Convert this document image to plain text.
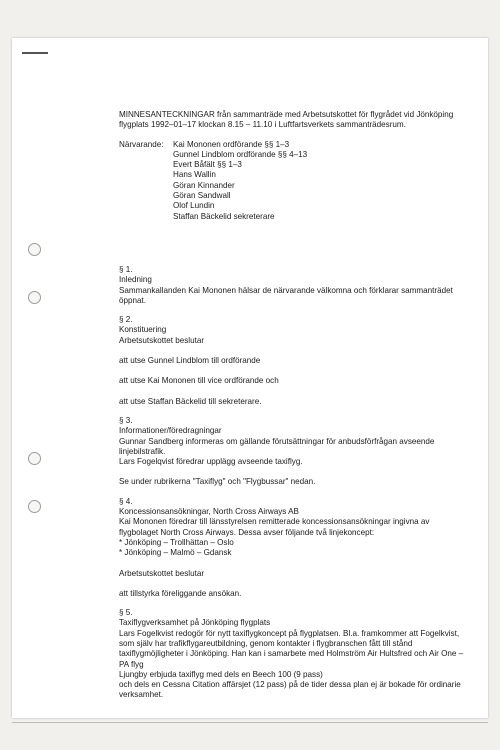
MINNESANTECKNINGAR från sammanträde med Arbetsutskottet för flygrådet vid Jönköping flygplats 1992–01–17 klockan 8.15 – 11.10 i Luftfartsverkets sammanträdesrum.

Närvarande:	Kai Mononen ordförande §§ 1–3
Gunnel Lindblom ordförande §§ 4–13
Evert Båfält §§ 1–3
Hans Wallin
Göran Kinnander
Göran Sandwall
Olof Lundin
Staffan Bäckelid sekreterare
§ 1.
Inledning

Sammankallanden Kai Mononen hälsar de närvarande välkomna och förklarar sammanträdet öppnat.

§ 2.
Konstituering

Arbetsutskottet beslutar

att utse Gunnel Lindblom till ordförande

att utse Kai Mononen till vice ordförande och

att utse Staffan Bäckelid till sekreterare.

§ 3.
Informationer/föredragningar

Gunnar Sandberg informeras om gällande förutsättningar för anbudsförfrågan avseende linjebilstrafik.

Lars Fogelqvist föredrar upplägg avseende taxiflyg.

Se under rubrikerna "Taxiflyg" och "Flygbussar" nedan.

§ 4.
Koncessionsansökningar, North Cross Airways AB

Kai Mononen föredrar till länsstyrelsen remitterade koncessionsansökningar ingivna av flygbolaget North Cross Airways. Dessa avser följande två linjekoncept:

* Jönköping – Trollhättan – Oslo
* Jönköping – Malmö – Gdansk

Arbetsutskottet beslutar

att tillstyrka föreliggande ansökan.

§ 5.
Taxiflygverksamhet på Jönköping flygplats

Lars Fogelkvist redogör för nytt taxiflygkoncept på flygplatsen. Bl.a. framkommer att Fogelkvist, som själv har trafikflygareutbildning, genom kontakter i flygbranschen fått till stånd taxiflygmöjligheter i Jönköping. Han kan i samarbete med Holmström Air Hultsfred och Air One – PA flyg

Ljungby erbjuda taxiflyg med dels en Beech 100 (9 pass)

och dels en Cessna Citation affärsjet (12 pass) på de tider dessa plan ej är bokade för ordinarie verksamhet.
